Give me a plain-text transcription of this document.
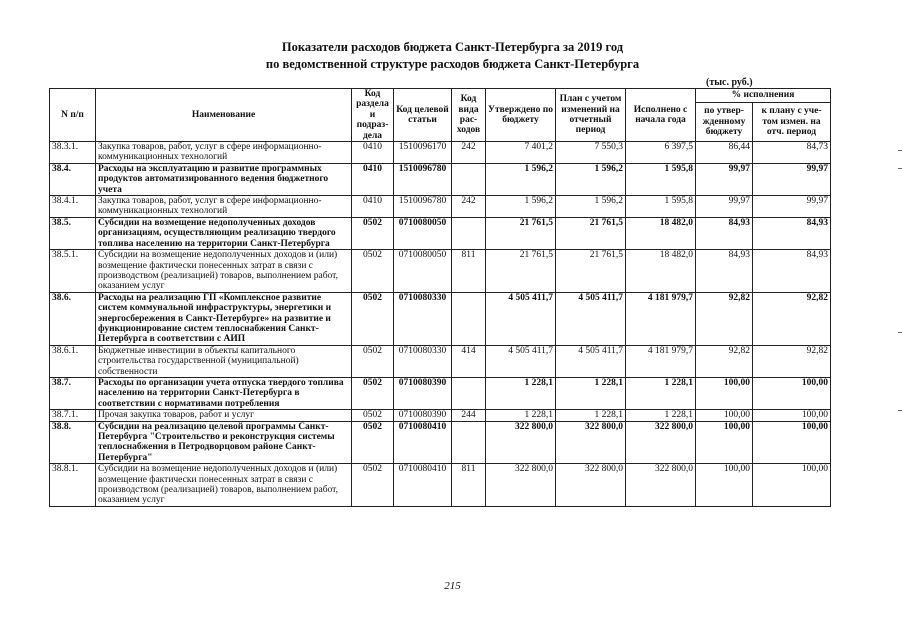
Показатели расходов бюджета Санкт-Петербурга за 2019 год
по ведомственной структуре расходов бюджета Санкт-Петербурга
(тыс. руб.)
N п/п	Наименование	Код раздела и подраз-дела	Код целевой статьи	Код вида рас-ходов	Утверждено по бюджету	План с учетом изменений на отчетный период	Исполнено с начала года	% исполнения	
								по утвер-жденному бюджету	к плану с уче-том измен. на отч. период
38.3.1.	Закупка товаров, работ, услуг в сфере информационно-коммуникационных технологий	0410	1510096170	242	7 401,2	7 550,3	6 397,5	86,44	84,73
38.4.	Расходы на эксплуатацию и развитие программных продуктов автоматизированного ведения бюджетного учета	0410	1510096780		1 596,2	1 596,2	1 595,8	99,97	99,97
38.4.1.	Закупка товаров, работ, услуг в сфере информационно-коммуникационных технологий	0410	1510096780	242	1 596,2	1 596,2	1 595,8	99,97	99,97
38.5.	Субсидии на возмещение недополученных доходов организациям, осуществляющим реализацию твердого топлива населению на территории Санкт-Петербурга	0502	0710080050		21 761,5	21 761,5	18 482,0	84,93	84,93
38.5.1.	Субсидии на возмещение недополученных доходов и (или) возмещение фактически понесенных затрат в связи с производством (реализацией) товаров, выполнением работ, оказанием услуг	0502	0710080050	811	21 761,5	21 761,5	18 482,0	84,93	84,93
38.6.	Расходы на реализацию ГП «Комплексное развитие систем коммунальной инфраструктуры, энергетики и энергосбережения в Санкт-Петербурге» на развитие и функционирование систем теплоснабжения Санкт-Петербурга в соответствии с АИП	0502	0710080330		4 505 411,7	4 505 411,7	4 181 979,7	92,82	92,82
38.6.1.	Бюджетные инвестиции в объекты капитального строительства государственной (муниципальной) собственности	0502	0710080330	414	4 505 411,7	4 505 411,7	4 181 979,7	92,82	92,82
38.7.	Расходы по организации учета отпуска твердого топлива населению на территории Санкт-Петербурга в соответствии с нормативами потребления	0502	0710080390		1 228,1	1 228,1	1 228,1	100,00	100,00
38.7.1.	Прочая закупка товаров, работ и услуг	0502	0710080390	244	1 228,1	1 228,1	1 228,1	100,00	100,00
38.8.	Субсидии на реализацию целевой программы Санкт-Петербурга "Строительство и реконструкция системы теплоснабжения в Петродворцовом районе Санкт-Петербурга"	0502	0710080410		322 800,0	322 800,0	322 800,0	100,00	100,00
38.8.1.	Субсидии на возмещение недополученных доходов и (или) возмещение фактически понесенных затрат в связи с производством (реализацией) товаров, выполнением работ, оказанием услуг	0502	0710080410	811	322 800,0	322 800,0	322 800,0	100,00	100,00
215
